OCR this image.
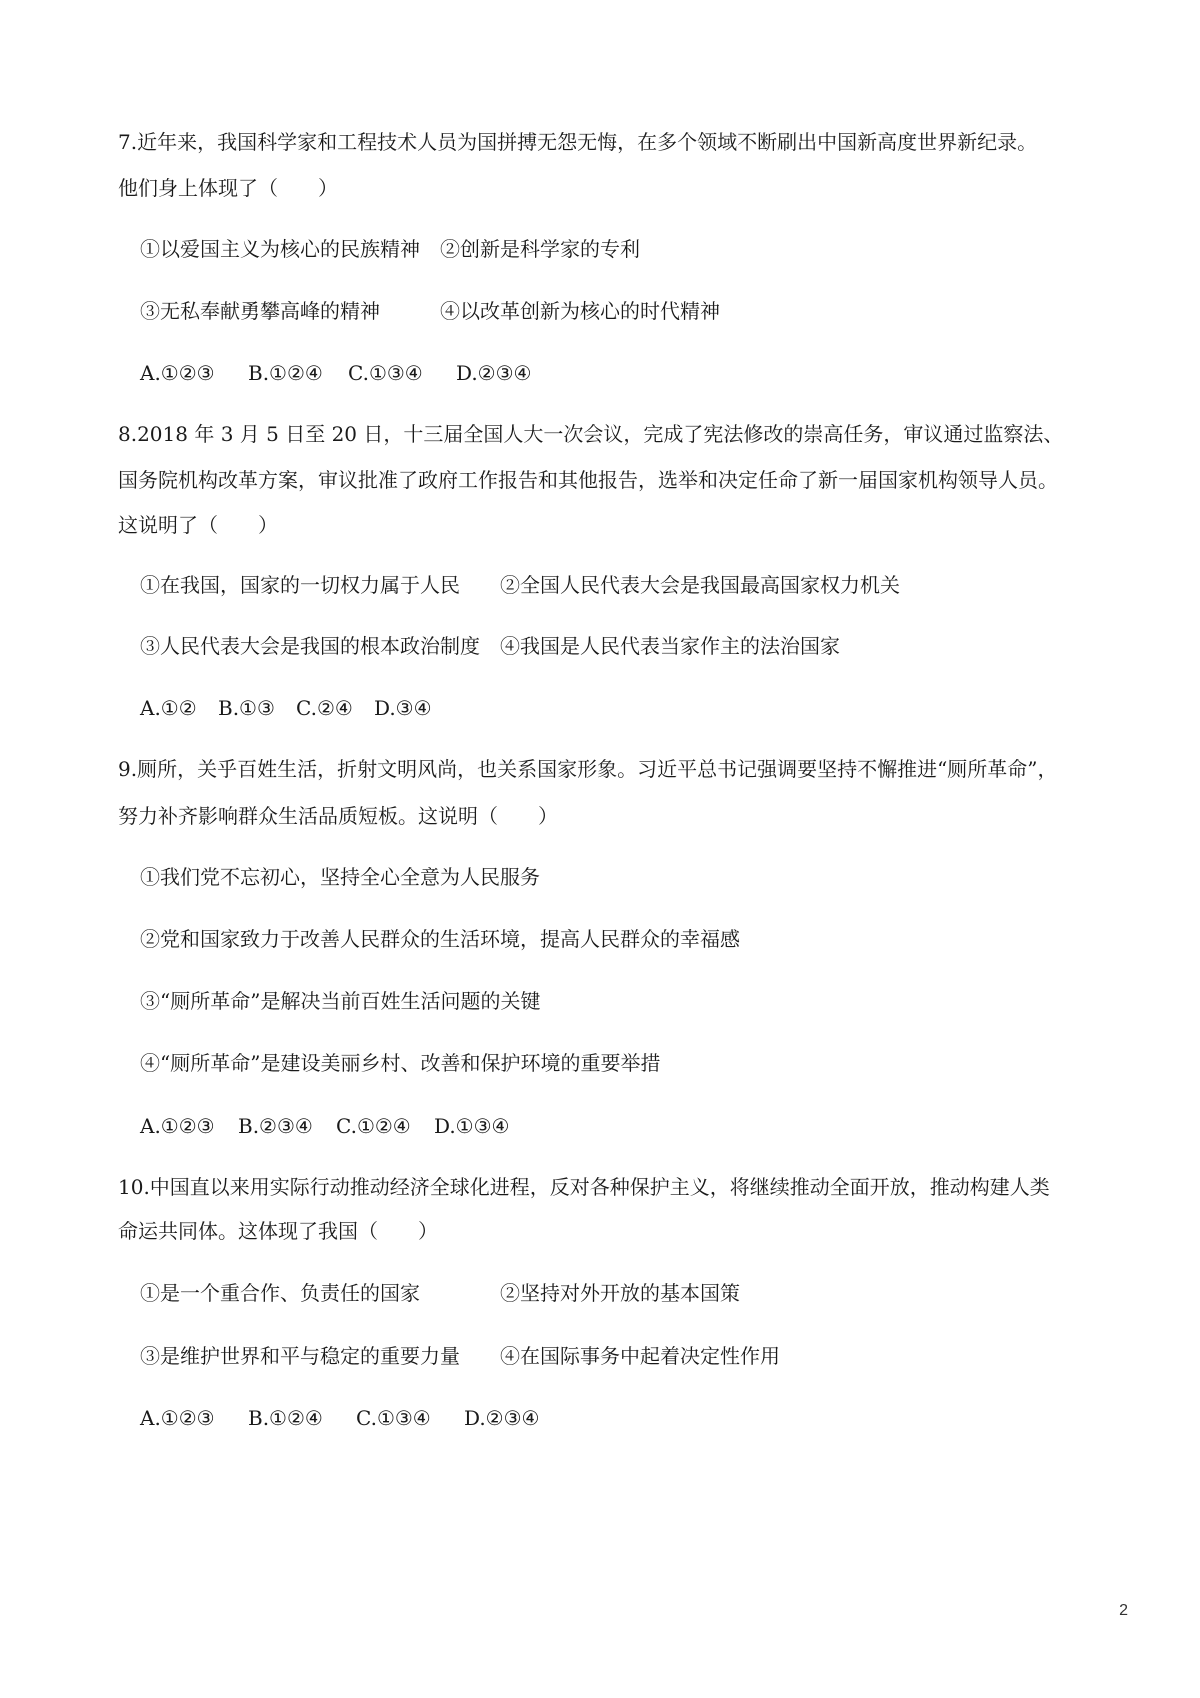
7.近年来，我国科学家和工程技术人员为国拼搏无怨无悔，在多个领域不断刷出中国新高度世界新纪录。
他们身上体现了（　　）
①以爱国主义为核心的民族精神　②创新是科学家的专利
③无私奉献勇攀高峰的精神　　　④以改革创新为核心的时代精神
A.①②③ B.①②④ C.①③④ D.②③④
8.2018 年 3 月 5 日至 20 日，十三届全国人大一次会议，完成了宪法修改的崇高任务，审议通过监察法、
国务院机构改革方案，审议批准了政府工作报告和其他报告，选举和决定任命了新一届国家机构领导人员。
这说明了（　　）
①在我国，国家的一切权力属于人民　　②全国人民代表大会是我国最高国家权力机关
③人民代表大会是我国的根本政治制度　④我国是人民代表当家作主的法治国家
A.①② B.①③ C.②④ D.③④
9.厕所，关乎百姓生活，折射文明风尚，也关系国家形象。习近平总书记强调要坚持不懈推进“厕所革命”，
努力补齐影响群众生活品质短板。这说明（　　）
①我们党不忘初心，坚持全心全意为人民服务
②党和国家致力于改善人民群众的生活环境，提高人民群众的幸福感
③“厕所革命”是解决当前百姓生活问题的关键
④“厕所革命”是建设美丽乡村、改善和保护环境的重要举措
A.①②③ B.②③④ C.①②④ D.①③④
10.中国直以来用实际行动推动经济全球化进程，反对各种保护主义，将继续推动全面开放，推动构建人类
命运共同体。这体现了我国（　　）
①是一个重合作、负责任的国家　　　　②坚持对外开放的基本国策
③是维护世界和平与稳定的重要力量　　④在国际事务中起着决定性作用
A.①②③ B.①②④ C.①③④ D.②③④
2
